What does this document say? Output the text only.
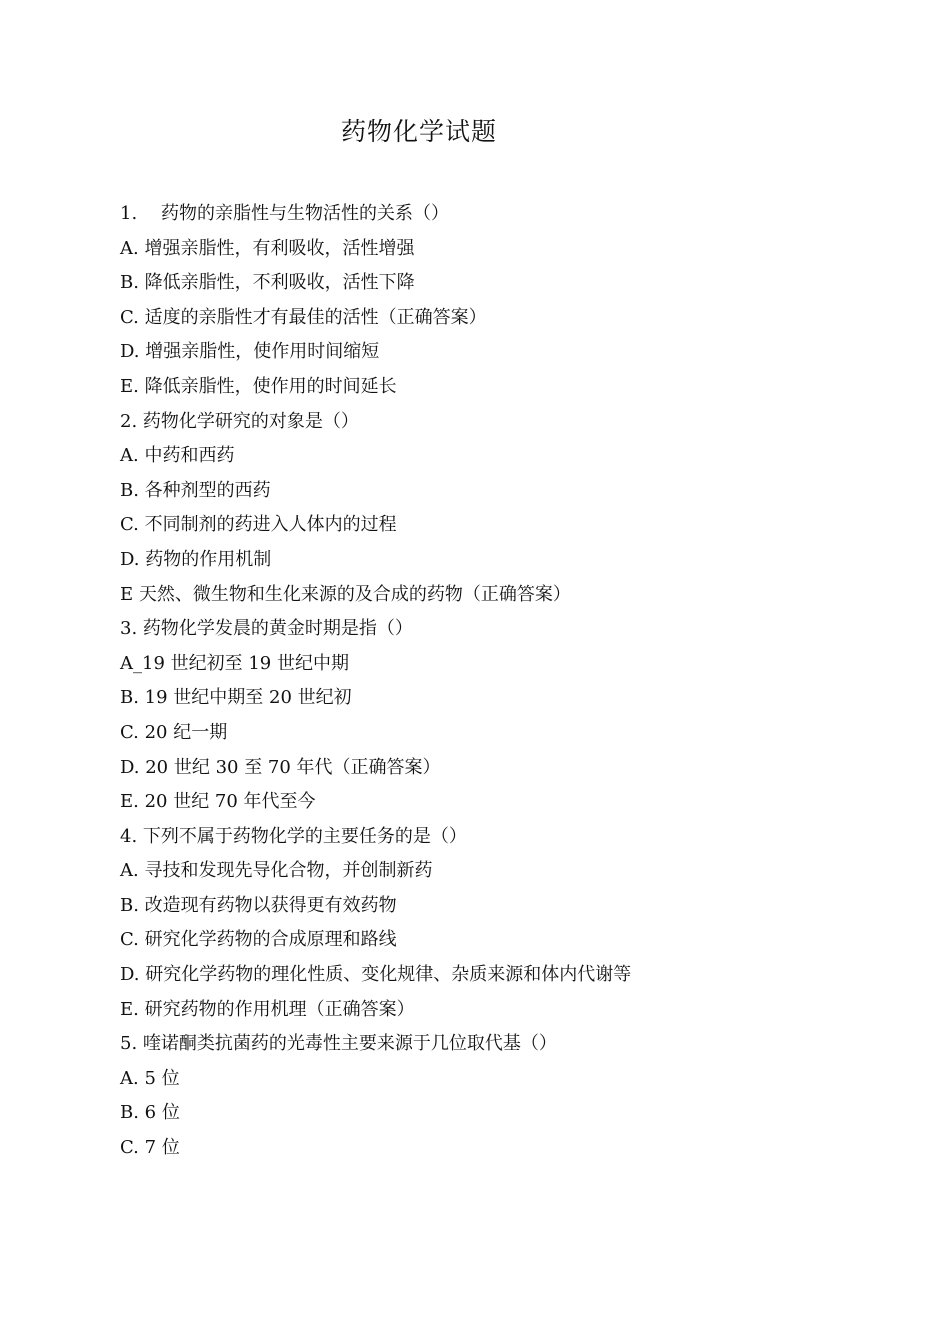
药物化学试题
1. 药物的亲脂性与生物活性的关系（）
A. 增强亲脂性，有利吸收，活性增强
B. 降低亲脂性，不利吸收，活性下降
C. 适度的亲脂性才有最佳的活性（正确答案）
D. 增强亲脂性，使作用时间缩短
E. 降低亲脂性，使作用的时间延长
2. 药物化学研究的对象是（）
A. 中药和西药
B. 各种剂型的西药
C. 不同制剂的药进入人体内的过程
D. 药物的作用机制
E 天然、微生物和生化来源的及合成的药物（正确答案）
3. 药物化学发晨的黄金时期是指（）
A_19 世纪初至 19 世纪中期
B. 19 世纪中期至 20 世纪初
C. 20 纪一期
D. 20 世纪 30 至 70 年代（正确答案）
E. 20 世纪 70 年代至今
4. 下列不属于药物化学的主要任务的是（）
A. 寻技和发现先导化合物，并创制新药
B. 改造现有药物以获得更有效药物
C. 研究化学药物的合成原理和路线
D. 研究化学药物的理化性质、变化规律、杂质来源和体内代谢等
E. 研究药物的作用机理（正确答案）
5. 喹诺酮类抗菌药的光毒性主要来源于几位取代基（）
A. 5 位
B. 6 位
C. 7 位
